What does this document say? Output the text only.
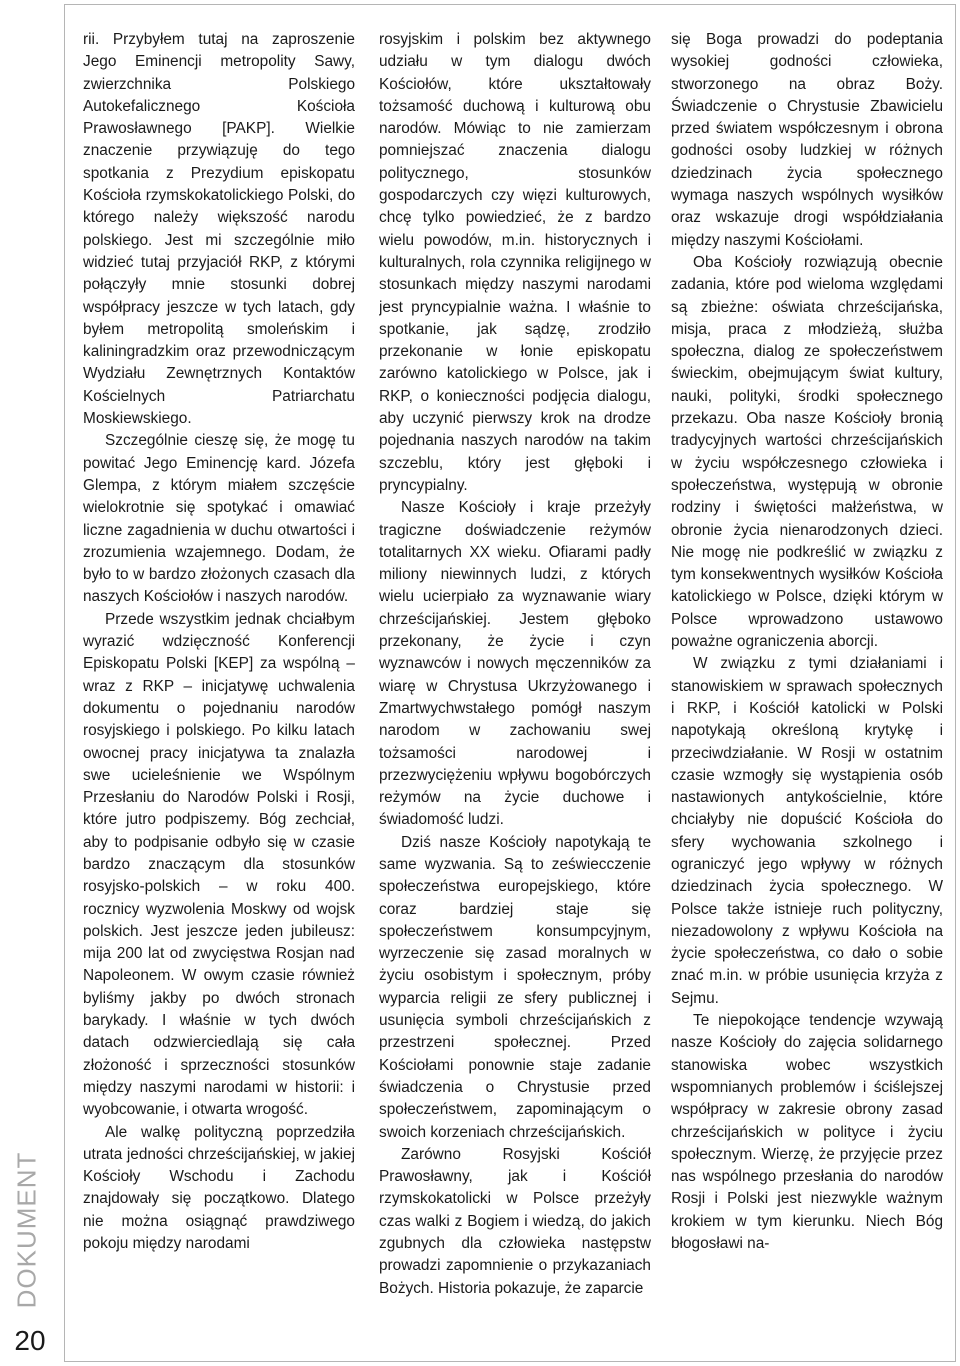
DOKUMENT
20

rii. Przybyłem tutaj na zaproszenie Jego Eminencji metropolity Sawy, zwierzchnika Polskiego Autokefalicznego Kościoła Prawosławnego [PAKP]. Wielkie znaczenie przywiązuję do tego spotkania z Prezydium episkopatu Kościoła rzymskokatolickiego Polski, do którego należy większość narodu polskiego. Jest mi szczególnie miło widzieć tutaj przyjaciół RKP, z którymi połączyły mnie stosunki dobrej współpracy jeszcze w tych latach, gdy byłem metropolitą smoleńskim i kaliningradzkim oraz przewodniczącym Wydziału Zewnętrznych Kontaktów Kościelnych Patriarchatu Moskiewskiego.

Szczególnie cieszę się, że mogę tu powitać Jego Eminencję kard. Józefa Glempa, z którym miałem szczęście wielokrotnie się spotykać i omawiać liczne zagadnienia w duchu otwartości i zrozumienia wzajemnego. Dodam, że było to w bardzo złożonych czasach dla naszych Kościołów i naszych narodów.

Przede wszystkim jednak chciałbym wyrazić wdzięczność Konferencji Episkopatu Polski [KEP] za wspólną – wraz z RKP – inicjatywę uchwalenia dokumentu o pojednaniu narodów rosyjskiego i polskiego. Po kilku latach owocnej pracy inicjatywa ta znalazła swe ucieleśnienie we Wspólnym Przesłaniu do Narodów Polski i Rosji, które jutro podpiszemy. Bóg zechciał, aby to podpisanie odbyło się w czasie bardzo znaczącym dla stosunków rosyjsko-polskich – w roku 400. rocznicy wyzwolenia Moskwy od wojsk polskich. Jest jeszcze jeden jubileusz: mija 200 lat od zwycięstwa Rosjan nad Napoleonem. W owym czasie również byliśmy jakby po dwóch stronach barykady. I właśnie w tych dwóch datach odzwierciedlają się cała złożoność i sprzeczności stosunków między naszymi narodami w historii: i wyobcowanie, i otwarta wrogość.

Ale walkę polityczną poprzedziła utrata jedności chrześcijańskiej, w jakiej Kościoły Wschodu i Zachodu znajdowały się początkowo. Dlatego nie można osiągnąć prawdziwego pokoju między narodami

rosyjskim i polskim bez aktywnego udziału w tym dialogu dwóch Kościołów, które ukształtowały tożsamość duchową i kulturową obu narodów. Mówiąc to nie zamierzam pomniejszać znaczenia dialogu politycznego, stosunków gospodarczych czy więzi kulturowych, chcę tylko powiedzieć, że z bardzo wielu powodów, m.in. historycznych i kulturalnych, rola czynnika religijnego w stosunkach między naszymi narodami jest pryncypialnie ważna. I właśnie to spotkanie, jak sądzę, zrodziło przekonanie w łonie episkopatu zarówno katolickiego w Polsce, jak i RKP, o konieczności podjęcia dialogu, aby uczynić pierwszy krok na drodze pojednania naszych narodów na takim szczeblu, który jest głęboki i pryncypialny.

Nasze Kościoły i kraje przeżyły tragiczne doświadczenie reżymów totalitarnych XX wieku. Ofiarami padły miliony niewinnych ludzi, z których wielu ucierpiało za wyznawanie wiary chrześcijańskiej. Jestem głęboko przekonany, że życie i czyn wyznawców i nowych męczenników za wiarę w Chrystusa Ukrzyżowanego i Zmartwychwstałego pomógł naszym narodom w zachowaniu swej tożsamości narodowej i przezwyciężeniu wpływu bogobórczych reżymów na życie duchowe i świadomość ludzi.

Dziś nasze Kościoły napotykają te same wyzwania. Są to zeświecczenie społeczeństwa europejskiego, które coraz bardziej staje się społeczeństwem konsumpcyjnym, wyrzeczenie się zasad moralnych w życiu osobistym i społecznym, próby wyparcia religii ze sfery publicznej i usunięcia symboli chrześcijańskich z przestrzeni społecznej. Przed Kościołami ponownie staje zadanie świadczenia o Chrystusie przed społeczeństwem, zapominającym o swoich korzeniach chrześcijańskich.

Zarówno Rosyjski Kościół Prawosławny, jak i Kościół rzymskokatolicki w Polsce przeżyły czas walki z Bogiem i wiedzą, do jakich zgubnych dla człowieka następstw prowadzi zapomnienie o przykazaniach Bożych. Historia pokazuje, że zaparcie

się Boga prowadzi do podeptania wysokiej godności człowieka, stworzonego na obraz Boży. Świadczenie o Chrystusie Zbawicielu przed światem współczesnym i obrona godności osoby ludzkiej w różnych dziedzinach życia społecznego wymaga naszych wspólnych wysiłków oraz wskazuje drogi współdziałania między naszymi Kościołami.

Oba Kościoły rozwiązują obecnie zadania, które pod wieloma względami są zbieżne: oświata chrześcijańska, misja, praca z młodzieżą, służba społeczna, dialog ze społeczeństwem świeckim, obejmującym świat kultury, nauki, polityki, środki społecznego przekazu. Oba nasze Kościoły bronią tradycyjnych wartości chrześcijańskich w życiu współczesnego człowieka i społeczeństwa, występują w obronie rodziny i świętości małżeństwa, w obronie życia nienarodzonych dzieci. Nie mogę nie podkreślić w związku z tym konsekwentnych wysiłków Kościoła katolickiego w Polsce, dzięki którym w Polsce wprowadzono ustawowo poważne ograniczenia aborcji.

W związku z tymi działaniami i stanowiskiem w sprawach społecznych i RKP, i Kościół katolicki w Polski napotykają określoną krytykę i przeciwdziałanie. W Rosji w ostatnim czasie wzmogły się wystąpienia osób nastawionych antykościelnie, które chciałyby nie dopuścić Kościoła do sfery wychowania szkolnego i ograniczyć jego wpływy w różnych dziedzinach życia społecznego. W Polsce także istnieje ruch polityczny, niezadowolony z wpływu Kościoła na życie społeczeństwa, co dało o sobie znać m.in. w próbie usunięcia krzyża z Sejmu.

Te niepokojące tendencje wzywają nasze Kościoły do zajęcia solidarnego stanowiska wobec wszystkich wspomnianych problemów i ściślejszej współpracy w zakresie obrony zasad chrześcijańskich w polityce i życiu społecznym. Wierzę, że przyjęcie przez nas wspólnego przesłania do narodów Rosji i Polski jest niezwykle ważnym krokiem w tym kierunku. Niech Bóg błogosławi na-
